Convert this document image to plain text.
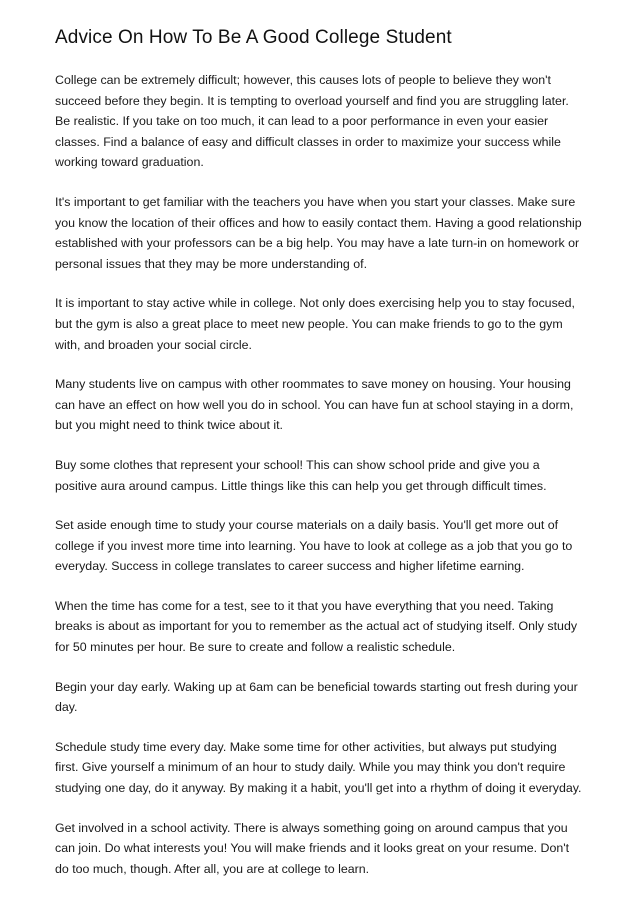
Advice On How To Be A Good College Student

College can be extremely difficult; however, this causes lots of people to believe they won't succeed before they begin. It is tempting to overload yourself and find you are struggling later. Be realistic. If you take on too much, it can lead to a poor performance in even your easier classes. Find a balance of easy and difficult classes in order to maximize your success while working toward graduation.

It's important to get familiar with the teachers you have when you start your classes. Make sure you know the location of their offices and how to easily contact them. Having a good relationship established with your professors can be a big help. You may have a late turn-in on homework or personal issues that they may be more understanding of.

It is important to stay active while in college. Not only does exercising help you to stay focused, but the gym is also a great place to meet new people. You can make friends to go to the gym with, and broaden your social circle.

Many students live on campus with other roommates to save money on housing. Your housing can have an effect on how well you do in school. You can have fun at school staying in a dorm, but you might need to think twice about it.

Buy some clothes that represent your school! This can show school pride and give you a positive aura around campus. Little things like this can help you get through difficult times.

Set aside enough time to study your course materials on a daily basis. You'll get more out of college if you invest more time into learning. You have to look at college as a job that you go to everyday. Success in college translates to career success and higher lifetime earning.

When the time has come for a test, see to it that you have everything that you need. Taking breaks is about as important for you to remember as the actual act of studying itself. Only study for 50 minutes per hour. Be sure to create and follow a realistic schedule.

Begin your day early. Waking up at 6am can be beneficial towards starting out fresh during your day.

Schedule study time every day. Make some time for other activities, but always put studying first. Give yourself a minimum of an hour to study daily. While you may think you don't require studying one day, do it anyway. By making it a habit, you'll get into a rhythm of doing it everyday.

Get involved in a school activity. There is always something going on around campus that you can join. Do what interests you! You will make friends and it looks great on your resume. Don't do too much, though. After all, you are at college to learn.
